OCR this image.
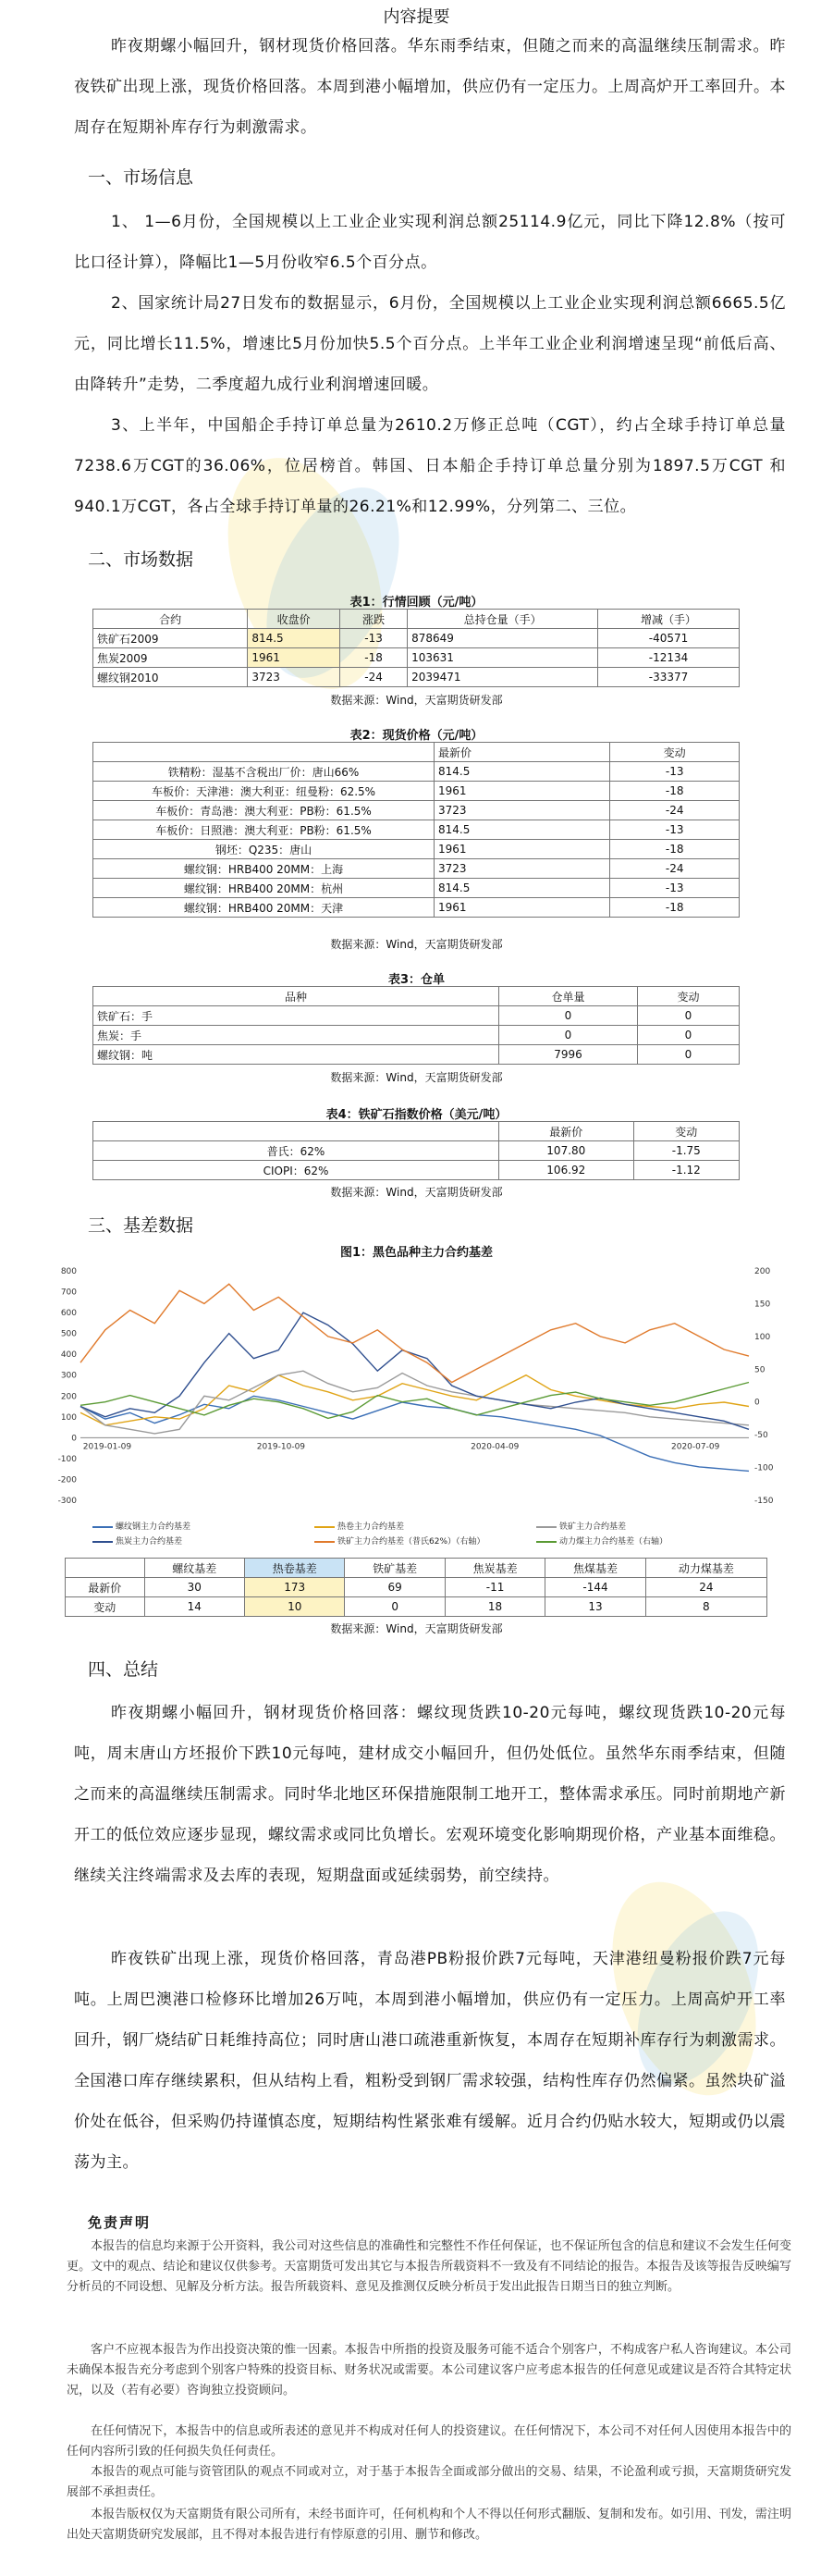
内容提要
昨夜期螺小幅回升，钢材现货价格回落。华东雨季结束，但随之而来的高温继续压制需求。昨夜铁矿出现上涨，现货价格回落。本周到港小幅增加，供应仍有一定压力。上周高炉开工率回升。本周存在短期补库存行为刺激需求。
一、市场信息
1、 1—6月份，全国规模以上工业企业实现利润总额25114.9亿元，同比下降12.8%（按可比口径计算），降幅比1—5月份收窄6.5个百分点。
2、国家统计局27日发布的数据显示，6月份，全国规模以上工业企业实现利润总额6665.5亿元，同比增长11.5%，增速比5月份加快5.5个百分点。上半年工业企业利润增速呈现“前低后高、由降转升”走势，二季度超九成行业利润增速回暖。
3、上半年，中国船企手持订单总量为2610.2万修正总吨（CGT），约占全球手持订单总量7238.6万CGT的36.06%，位居榜首。韩国、日本船企手持订单总量分别为1897.5万CGT 和940.1万CGT，各占全球手持订单量的26.21%和12.99%，分列第二、三位。
二、市场数据
表1：行情回顾（元/吨）
合约	收盘价	涨跌	总持仓量（手）	增减（手）
铁矿石2009	814.5	-13	878649	-40571
焦炭2009	1961	-18	103631	-12134
螺纹钢2010	3723	-24	2039471	-33377
数据来源：Wind，天富期货研发部
表2：现货价格（元/吨）
	最新价	变动
铁精粉：湿基不含税出厂价：唐山66%	814.5	-13
车板价：天津港：澳大利亚：纽曼粉：62.5%	1961	-18
车板价：青岛港：澳大利亚：PB粉：61.5%	3723	-24
车板价：日照港：澳大利亚：PB粉：61.5%	814.5	-13
钢坯：Q235：唐山	1961	-18
螺纹钢：HRB400 20MM：上海	3723	-24
螺纹钢：HRB400 20MM：杭州	814.5	-13
螺纹钢：HRB400 20MM：天津	1961	-18
数据来源：Wind，天富期货研发部
表3：仓单
品种	仓单量	变动
铁矿石：手	0	0
焦炭：手	0	0
螺纹钢：吨	7996	0
数据来源：Wind，天富期货研发部
表4：铁矿石指数价格（美元/吨）
	最新价	变动
普氏：62%	107.80	-1.75
CIOPI：62%	106.92	-1.12
数据来源：Wind，天富期货研发部
三、基差数据
图1：黑色品种主力合约基差
-300
-200
-100
0
100
200
300
400
500
600
700
800
-150
-100
-50
0
50
100
150
200
2019-01-09	2019-10-09	2020-04-09	2020-07-09
螺纹钢主力合约基差	热卷主力合约基差	铁矿主力合约基差
焦炭主力合约基差	铁矿主力合约基差（普氏62%）（右轴）	动力煤主力合约基差（右轴）
	螺纹基差	热卷基差	铁矿基差	焦炭基差	焦煤基差	动力煤基差
最新价	30	173	69	-11	-144	24
变动	14	10	0	18	13	8
数据来源：Wind，天富期货研发部
四、总结
昨夜期螺小幅回升，钢材现货价格回落：螺纹现货跌10-20元每吨，螺纹现货跌10-20元每吨，周末唐山方坯报价下跌10元每吨，建材成交小幅回升，但仍处低位。虽然华东雨季结束，但随之而来的高温继续压制需求。同时华北地区环保措施限制工地开工，整体需求承压。同时前期地产新开工的低位效应逐步显现，螺纹需求或同比负增长。宏观环境变化影响期现价格，产业基本面维稳。继续关注终端需求及去库的表现，短期盘面或延续弱势，前空续持。
昨夜铁矿出现上涨，现货价格回落，青岛港PB粉报价跌7元每吨，天津港纽曼粉报价跌7元每吨。上周巴澳港口检修环比增加26万吨，本周到港小幅增加，供应仍有一定压力。上周高炉开工率回升，钢厂烧结矿日耗维持高位；同时唐山港口疏港重新恢复，本周存在短期补库存行为刺激需求。全国港口库存继续累积，但从结构上看，粗粉受到钢厂需求较强，结构性库存仍然偏紧。虽然块矿溢价处在低谷，但采购仍持谨慎态度，短期结构性紧张难有缓解。近月合约仍贴水较大，短期或仍以震荡为主。
免责声明
本报告的信息均来源于公开资料，我公司对这些信息的准确性和完整性不作任何保证，也不保证所包含的信息和建议不会发生任何变更。文中的观点、结论和建议仅供参考。天富期货可发出其它与本报告所载资料不一致及有不同结论的报告。本报告及该等报告反映编写分析员的不同设想、见解及分析方法。报告所载资料、意见及推测仅反映分析员于发出此报告日期当日的独立判断。
客户不应视本报告为作出投资决策的惟一因素。本报告中所指的投资及服务可能不适合个别客户，不构成客户私人咨询建议。本公司未确保本报告充分考虑到个别客户特殊的投资目标、财务状况或需要。本公司建议客户应考虑本报告的任何意见或建议是否符合其特定状况，以及（若有必要）咨询独立投资顾问。
在任何情况下，本报告中的信息或所表述的意见并不构成对任何人的投资建议。在任何情况下，本公司不对任何人因使用本报告中的任何内容所引致的任何损失负任何责任。
本报告的观点可能与资管团队的观点不同或对立，对于基于本报告全面或部分做出的交易、结果，不论盈利或亏损，天富期货研究发展部不承担责任。
本报告版权仅为天富期货有限公司所有，未经书面许可，任何机构和个人不得以任何形式翻版、复制和发布。如引用、刊发，需注明出处天富期货研究发展部，且不得对本报告进行有悖原意的引用、删节和修改。
